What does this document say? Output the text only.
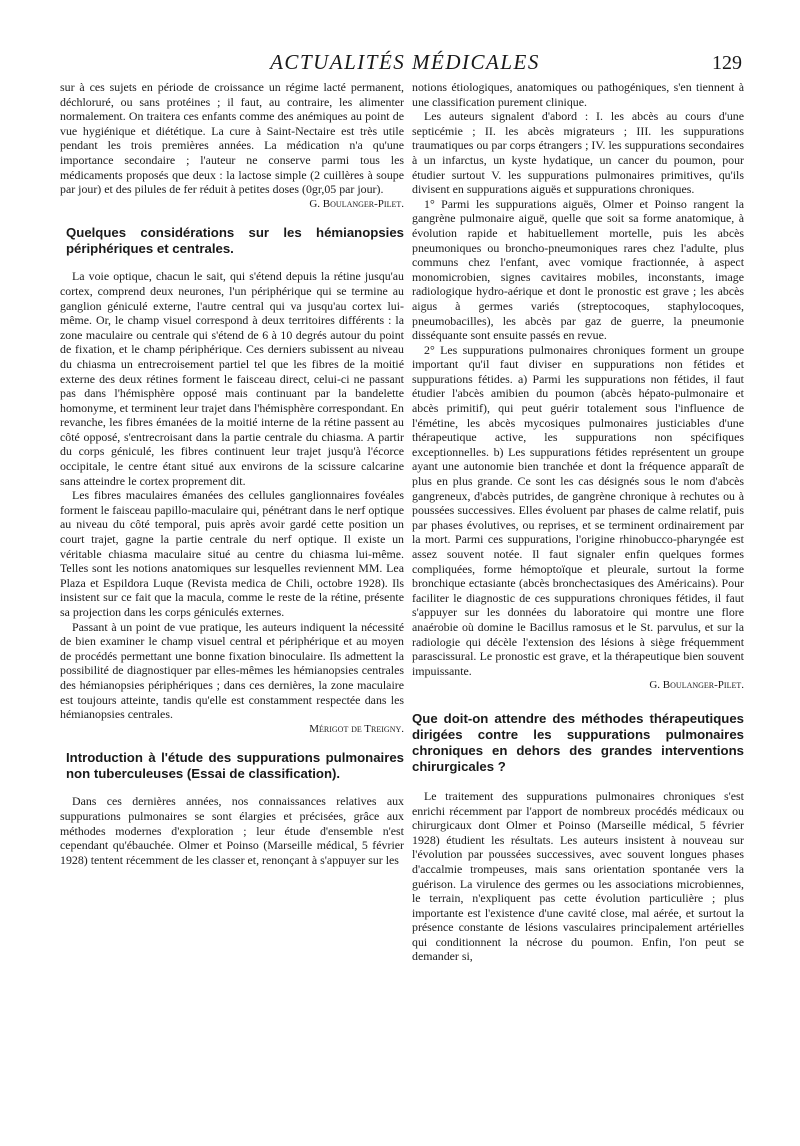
ACTUALITÉS MÉDICALES	129

sur à ces sujets en période de croissance un régime lacté permanent, déchloruré, ou sans protéines ; il faut, au contraire, les alimenter normalement. On traitera ces enfants comme des anémiques au point de vue hygiénique et diététique. La cure à Saint-Nectaire est très utile pendant les trois premières années. La médication n'a qu'une importance secondaire ; l'auteur ne conserve parmi tous les médicaments proposés que deux : la lactose simple (2 cuillères à soupe par jour) et des pilules de fer réduit à petites doses (0gr,05 par jour).

G. Boulanger-Pilet.

Quelques considérations sur les hémianopsies périphériques et centrales.

La voie optique, chacun le sait, qui s'étend depuis la rétine jusqu'au cortex, comprend deux neurones, l'un périphérique qui se termine au ganglion géniculé externe, l'autre central qui va jusqu'au cortex lui-même. Or, le champ visuel correspond à deux territoires différents : la zone maculaire ou centrale qui s'étend de 6 à 10 degrés autour du point de fixation, et le champ périphérique. Ces derniers subissent au niveau du chiasma un entrecroisement partiel tel que les fibres de la moitié externe des deux rétines forment le faisceau direct, celui-ci ne passant pas dans l'hémisphère opposé mais continuant par la bandelette homonyme, et terminent leur trajet dans l'hémisphère correspondant. En revanche, les fibres émanées de la moitié interne de la rétine passent au côté opposé, s'entrecroisant dans la partie centrale du chiasma. A partir du corps géniculé, les fibres continuent leur trajet jusqu'à l'écorce occipitale, le centre étant situé aux environs de la scissure calcarine sans atteindre le cortex proprement dit.

Les fibres maculaires émanées des cellules ganglionnaires fovéales forment le faisceau papillo-maculaire qui, pénétrant dans le nerf optique au niveau du côté temporal, puis après avoir gardé cette position un court trajet, gagne la partie centrale du nerf optique. Il existe un véritable chiasma maculaire situé au centre du chiasma lui-même. Telles sont les notions anatomiques sur lesquelles reviennent MM. Lea Plaza et Espildora Luque (Revista medica de Chili, octobre 1928). Ils insistent sur ce fait que la macula, comme le reste de la rétine, présente sa projection dans les corps géniculés externes.

Passant à un point de vue pratique, les auteurs indiquent la nécessité de bien examiner le champ visuel central et périphérique et au moyen de procédés permettant une bonne fixation binoculaire. Ils admettent la possibilité de diagnostiquer par elles-mêmes les hémianopsies centrales des hémianopsies périphériques ; dans ces dernières, la zone maculaire est toujours atteinte, tandis qu'elle est constamment respectée dans les hémianopsies centrales.

Mérigot de Treigny.

Introduction à l'étude des suppurations pulmonaires non tuberculeuses (Essai de classification).

Dans ces dernières années, nos connaissances relatives aux suppurations pulmonaires se sont élargies et précisées, grâce aux méthodes modernes d'exploration ; leur étude d'ensemble n'est cependant qu'ébauchée. Olmer et Poinso (Marseille médical, 5 février 1928) tentent récemment de les classer et, renonçant à s'appuyer sur les

notions étiologiques, anatomiques ou pathogéniques, s'en tiennent à une classification purement clinique.

Les auteurs signalent d'abord : I. les abcès au cours d'une septicémie ; II. les abcès migrateurs ; III. les suppurations traumatiques ou par corps étrangers ; IV. les suppurations secondaires à un infarctus, un kyste hydatique, un cancer du poumon, pour étudier surtout V. les suppurations pulmonaires primitives, qu'ils divisent en suppurations aiguës et suppurations chroniques.

1° Parmi les suppurations aiguës, Olmer et Poinso rangent la gangrène pulmonaire aiguë, quelle que soit sa forme anatomique, à évolution rapide et habituellement mortelle, puis les abcès pneumoniques ou broncho-pneumoniques rares chez l'adulte, plus communs chez l'enfant, avec vomique fractionnée, à aspect monomicrobien, signes cavitaires mobiles, inconstants, image radiologique hydro-aérique et dont le pronostic est grave ; les abcès aigus à germes variés (streptocoques, staphylocoques, pneumobacilles), les abcès par gaz de guerre, la pneumonie disséquante sont ensuite passés en revue.

2° Les suppurations pulmonaires chroniques forment un groupe important qu'il faut diviser en suppurations non fétides et suppurations fétides. a) Parmi les suppurations non fétides, il faut étudier l'abcès amibien du poumon (abcès hépato-pulmonaire et abcès primitif), qui peut guérir totalement sous l'influence de l'émétine, les abcès mycosiques pulmonaires justiciables d'une thérapeutique active, les suppurations non spécifiques exceptionnelles. b) Les suppurations fétides représentent un groupe ayant une autonomie bien tranchée et dont la fréquence apparaît de plus en plus grande. Ce sont les cas désignés sous le nom d'abcès gangreneux, d'abcès putrides, de gangrène chronique à rechutes ou à poussées successives. Elles évoluent par phases de calme relatif, puis par phases évolutives, ou reprises, et se terminent ordinairement par la mort. Parmi ces suppurations, l'origine rhinobucco-pharyngée est assez souvent notée. Il faut signaler enfin quelques formes compliquées, forme hémoptoïque et pleurale, surtout la forme bronchique ectasiante (abcès bronchectasiques des Américains). Pour faciliter le diagnostic de ces suppurations chroniques fétides, il faut s'appuyer sur les données du laboratoire qui montre une flore anaérobie où domine le Bacillus ramosus et le St. parvulus, et sur la radiologie qui décèle l'extension des lésions à siège fréquemment parascissural. Le pronostic est grave, et la thérapeutique bien souvent impuissante.

G. Boulanger-Pilet.

Que doit-on attendre des méthodes thérapeutiques dirigées contre les suppurations pulmonaires chroniques en dehors des grandes interventions chirurgicales ?

Le traitement des suppurations pulmonaires chroniques s'est enrichi récemment par l'apport de nombreux procédés médicaux ou chirurgicaux dont Olmer et Poinso (Marseille médical, 5 février 1928) étudient les résultats. Les auteurs insistent à nouveau sur l'évolution par poussées successives, avec souvent longues phases d'accalmie trompeuses, mais sans orientation spontanée vers la guérison. La virulence des germes ou les associations microbiennes, le terrain, n'expliquent pas cette évolution particulière ; plus importante est l'existence d'une cavité close, mal aérée, et surtout la présence constante de lésions vasculaires principalement artérielles qui conditionnent la nécrose du poumon. Enfin, l'on peut se demander si,
